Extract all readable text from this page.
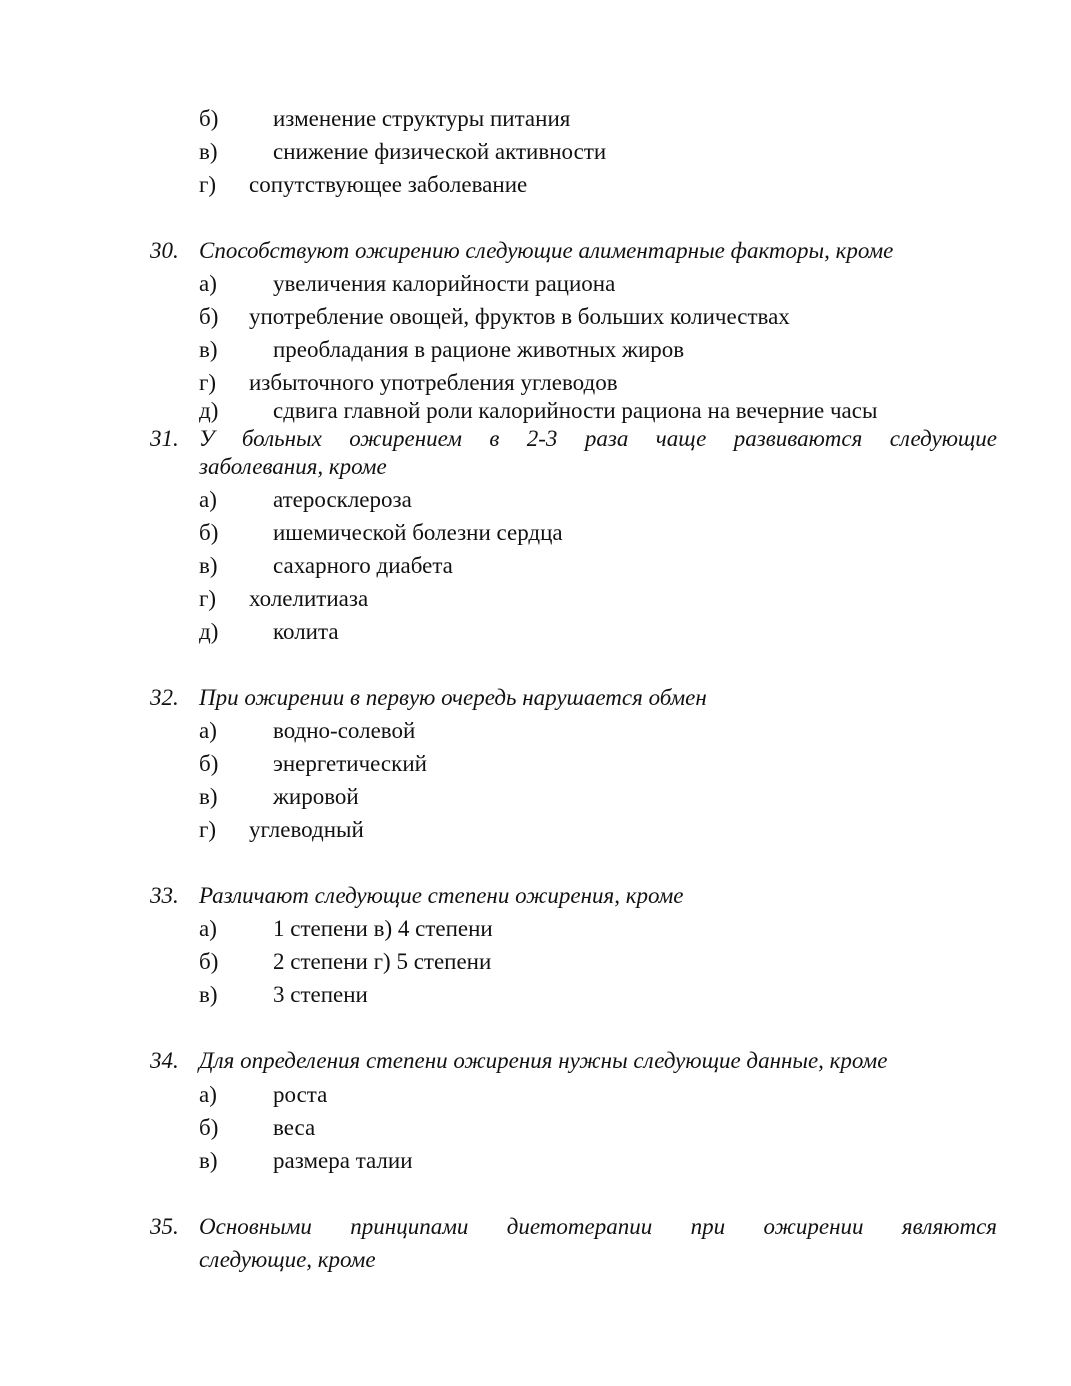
б) изменение структуры питания
в) снижение физической активности
г) сопутствующее заболевание
30. Способствуют ожирению следующие алиментарные факторы, кроме
а) увеличения калорийности рациона
б) употребление овощей, фруктов в больших количествах
в) преобладания в рационе животных жиров
г) избыточного употребления углеводов
д) сдвига главной роли калорийности рациона на вечерние часы
31. У больных ожирением в 2-3 раза чаще развиваются следующие
заболевания, кроме
а) атеросклероза
б) ишемической болезни сердца
в) сахарного диабета
г) холелитиаза
д) колита
32. При ожирении в первую очередь нарушается обмен
а) водно-солевой
б) энергетический
в) жировой
г) углеводный
33. Различают следующие степени ожирения, кроме
а) 1 степени в) 4 степени
б) 2 степени г) 5 степени
в) 3 степени
34. Для определения степени ожирения нужны следующие данные, кроме
а) роста
б) веса
в) размера талии
35. Основными принципами диетотерапии при ожирении являются
следующие, кроме
